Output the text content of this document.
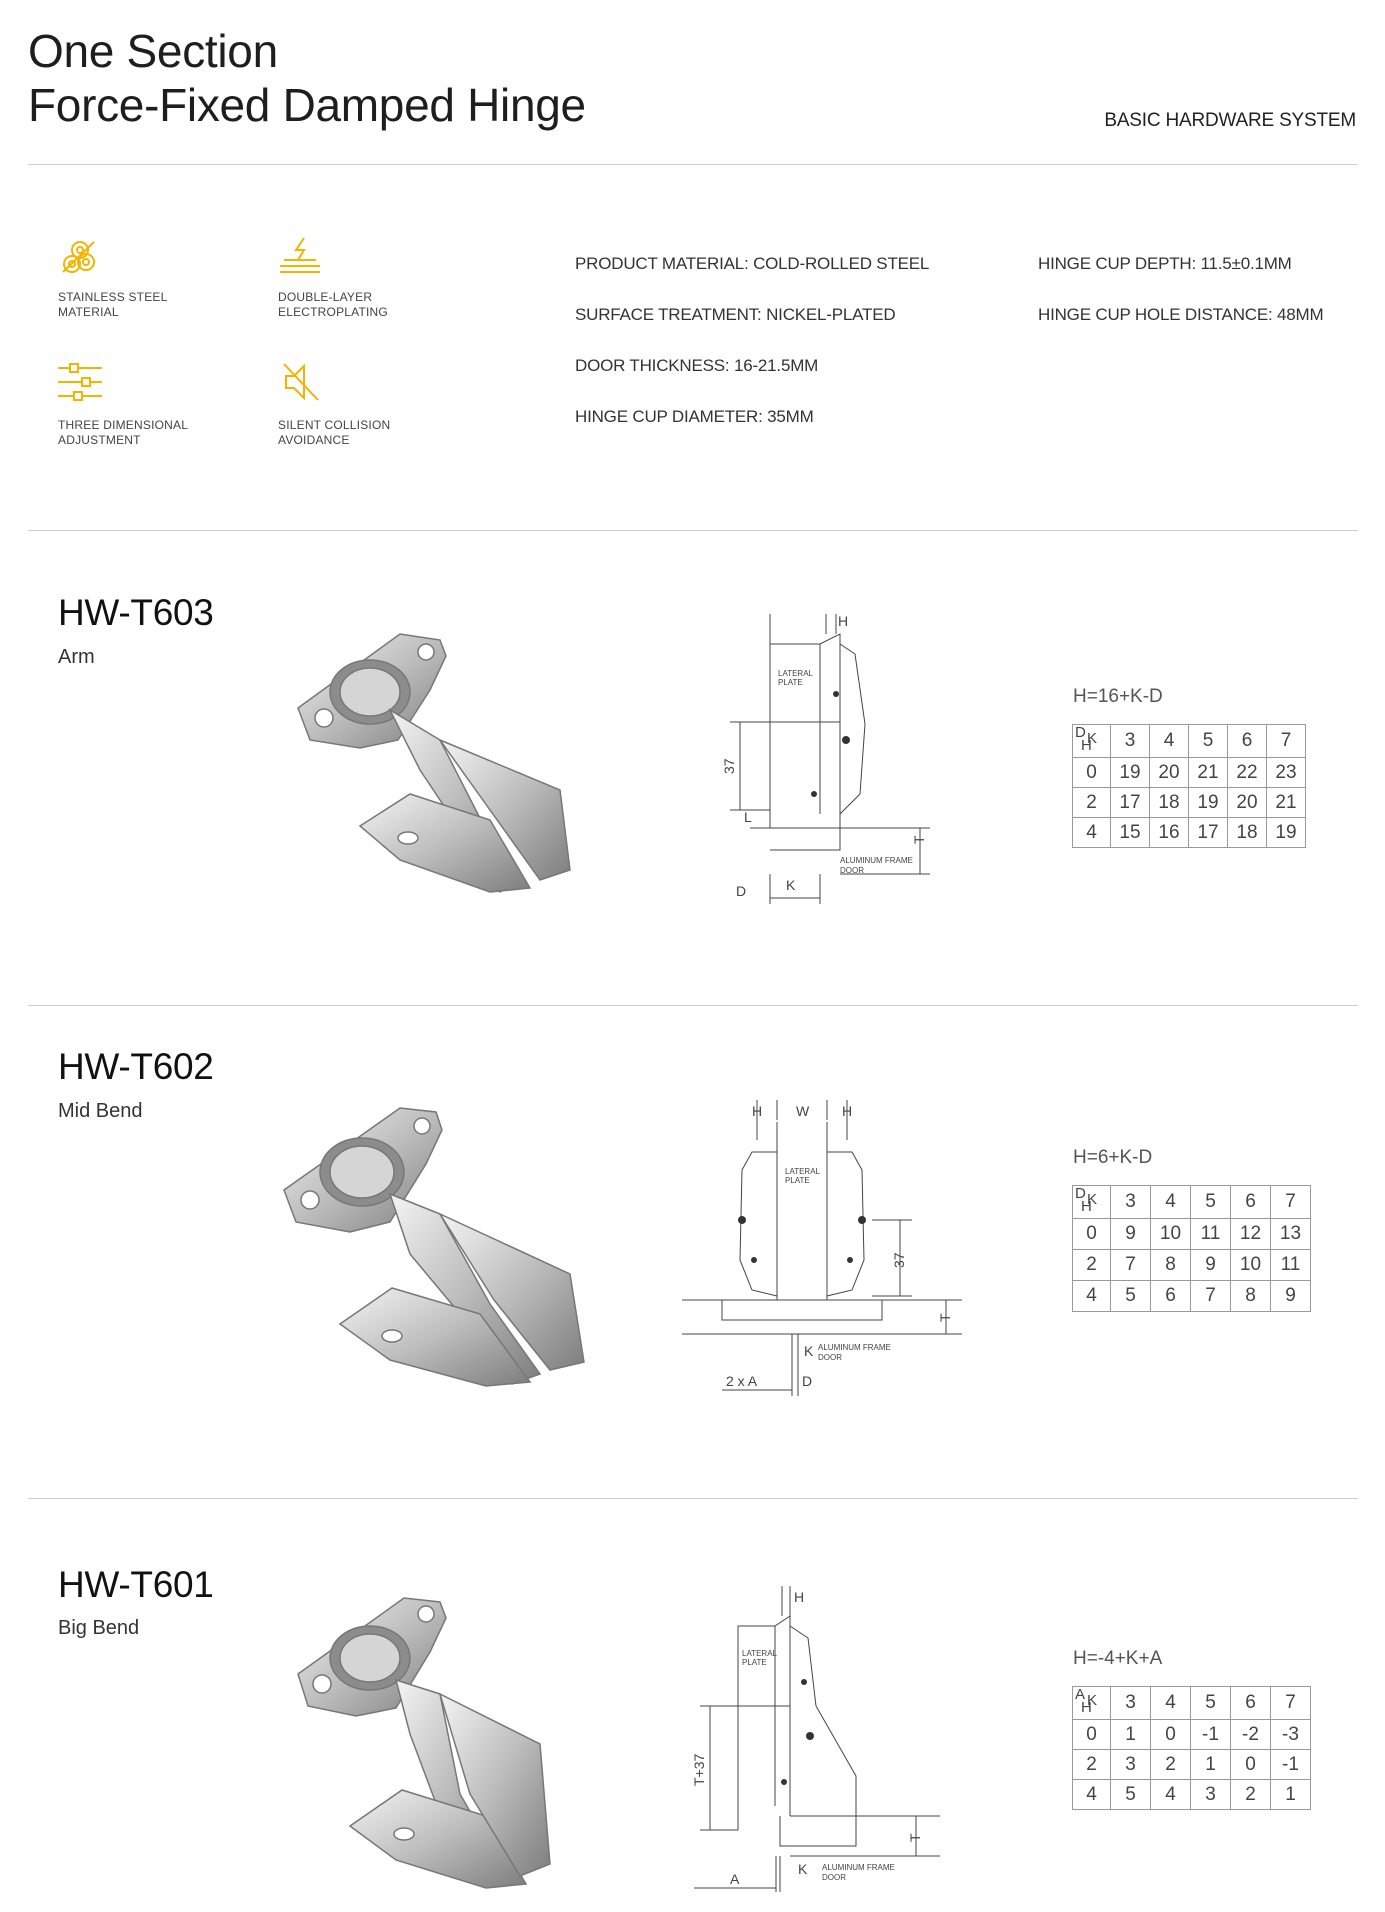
One Section
Force-Fixed Damped Hinge	BASIC HARDWARE SYSTEM
STAINLESS STEEL
MATERIAL
DOUBLE-LAYER
ELECTROPLATING
THREE DIMENSIONAL
ADJUSTMENT
SILENT COLLISION
AVOIDANCE
PRODUCT MATERIAL: COLD-ROLLED STEEL
SURFACE TREATMENT: NICKEL-PLATED
DOOR THICKNESS: 16-21.5MM
HINGE CUP DIAMETER: 35MM
HINGE CUP DEPTH: 11.5±0.1MM
HINGE CUP HOLE DISTANCE: 48MM
HW-T603
Arm
LATERAL
PLATE
ALUMINUM FRAME
DOOR
H
K
D
L
T
37
H=16+K-D
D K
H	3	4	5	6	7
0	19	20	21	22	23
2	17	18	19	20	21
4	15	16	17	18	19
HW-T602
Mid Bend
LATERAL
PLATE
ALUMINUM FRAME
DOOR
H W H
K
2 x A	D
T
37
H=6+K-D
D K
H	3	4	5	6	7
0	9	10	11	12	13
2	7	8	9	10	11
4	5	6	7	8	9
HW-T601
Big Bend
LATERAL
PLATE
ALUMINUM FRAME
DOOR
H
K
A
T
T+37
H=-4+K+A
A K
H	3	4	5	6	7
0	1	0	-1	-2	-3
2	3	2	1	0	-1
4	5	4	3	2	1
